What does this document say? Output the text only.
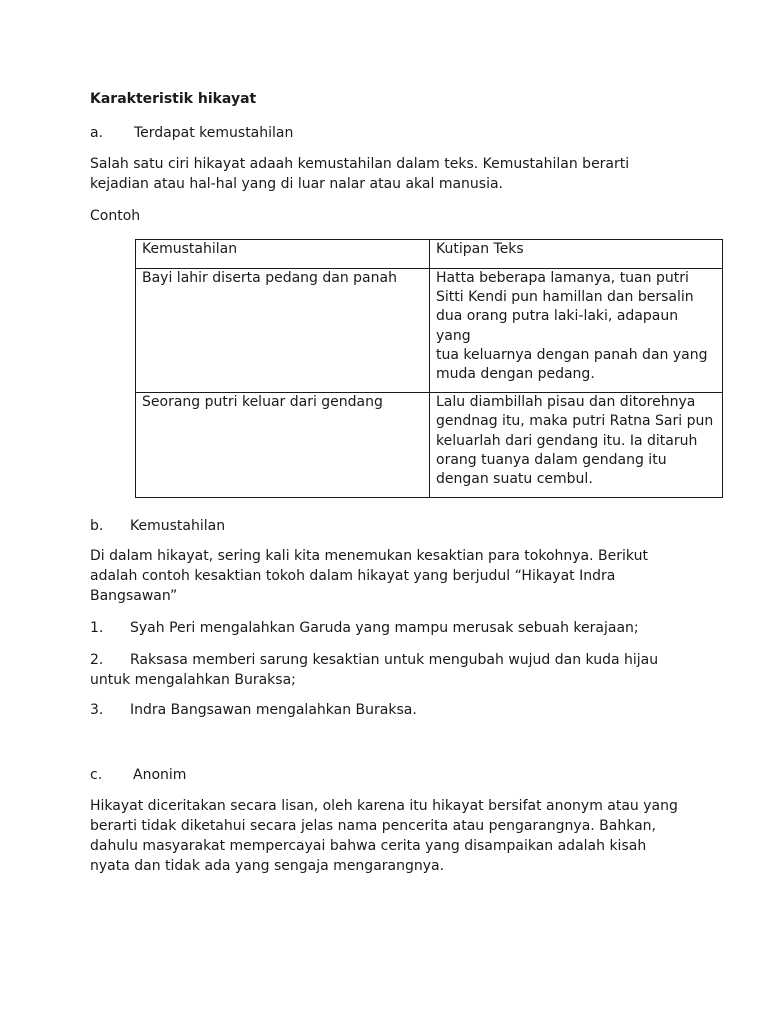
Karakteristik hikayat

a. Terdapat kemustahilan

Salah satu ciri hikayat adaah kemustahilan dalam teks. Kemustahilan berarti
kejadian atau hal-hal yang di luar nalar atau akal manusia.

Contoh

Kemustahilan	Kutipan Teks

Bayi lahir diserta pedang dan panah	Hatta beberapa lamanya, tuan putri
Sitti Kendi pun hamillan dan bersalin
dua orang putra laki-laki, adapaun yang
tua keluarnya dengan panah dan yang
muda dengan pedang.

Seorang putri keluar dari gendang	Lalu diambillah pisau dan ditorehnya
gendnag itu, maka putri Ratna Sari pun
keluarlah dari gendang itu. Ia ditaruh
orang tuanya dalam gendang itu
dengan suatu cembul.

b. Kemustahilan

Di dalam hikayat, sering kali kita menemukan kesaktian para tokohnya. Berikut
adalah contoh kesaktian tokoh dalam hikayat yang berjudul “Hikayat Indra
Bangsawan”

1. Syah Peri mengalahkan Garuda yang mampu merusak sebuah kerajaan;

2. Raksasa memberi sarung kesaktian untuk mengubah wujud dan kuda hijau
untuk mengalahkan Buraksa;

3. Indra Bangsawan mengalahkan Buraksa.

c. Anonim

Hikayat diceritakan secara lisan, oleh karena itu hikayat bersifat anonym atau yang
berarti tidak diketahui secara jelas nama pencerita atau pengarangnya. Bahkan,
dahulu masyarakat mempercayai bahwa cerita yang disampaikan adalah kisah
nyata dan tidak ada yang sengaja mengarangnya.
